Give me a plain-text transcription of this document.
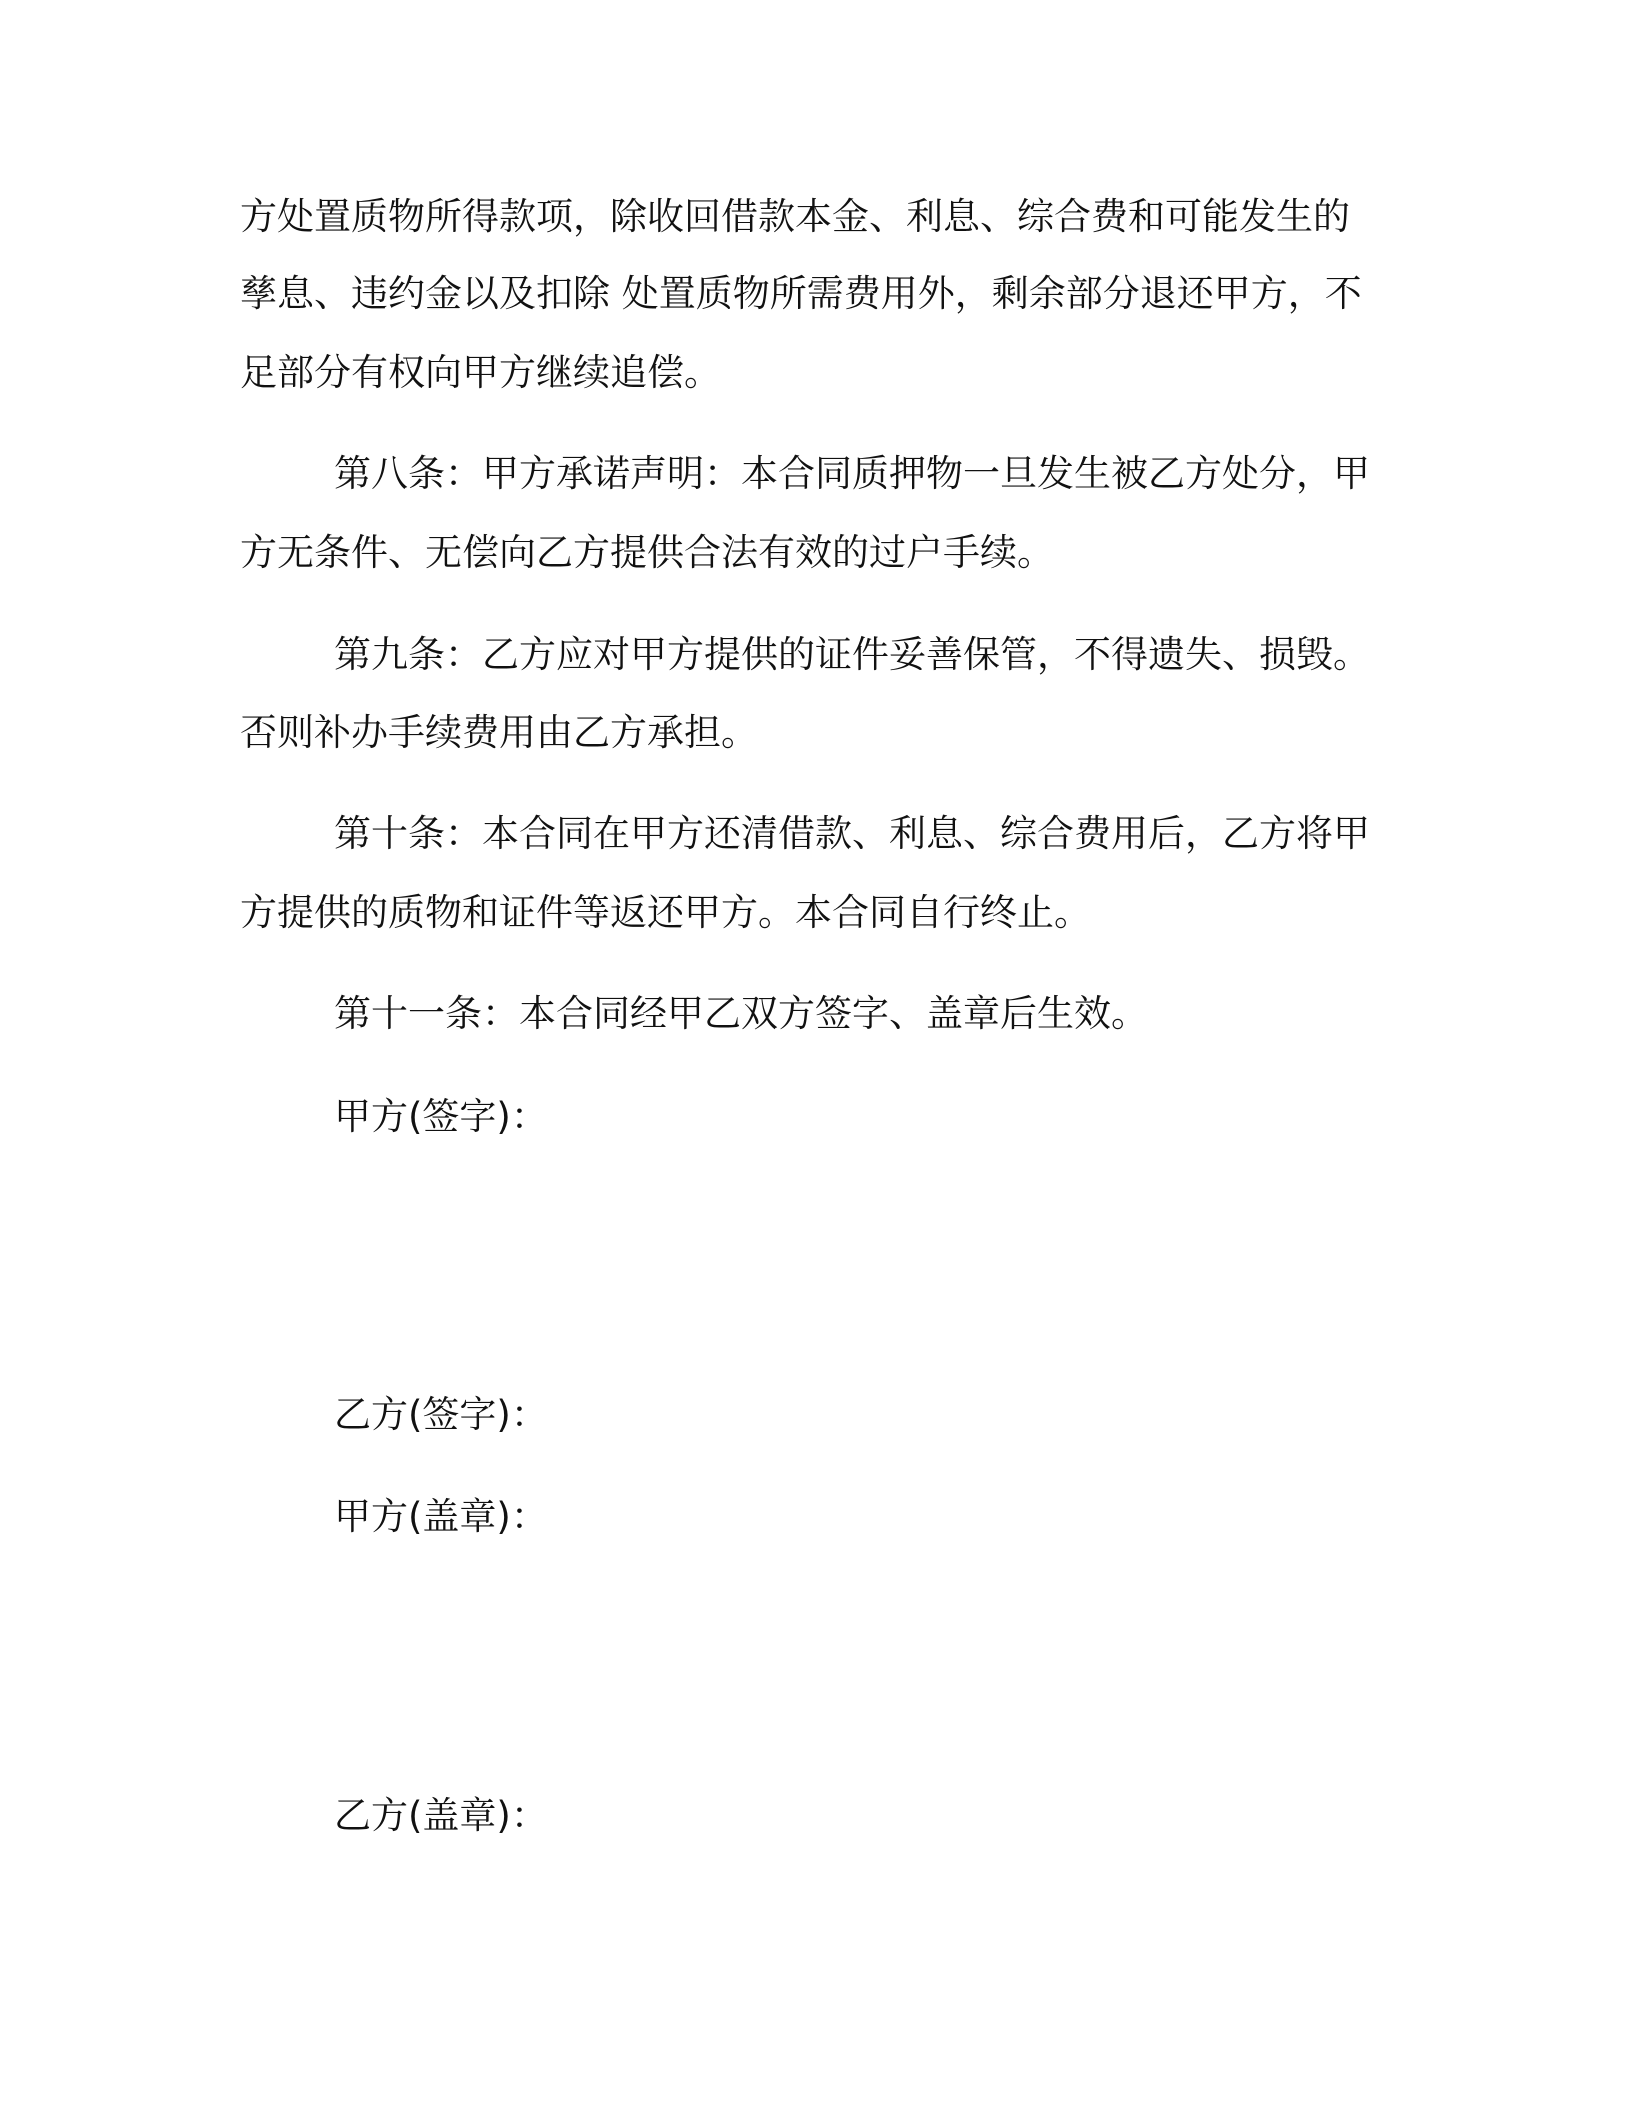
方处置质物所得款项，除收回借款本金、利息、综合费和可能发生的
孳息、违约金以及扣除 处置质物所需费用外，剩余部分退还甲方，不
足部分有权向甲方继续追偿。
第八条：甲方承诺声明：本合同质押物一旦发生被乙方处分，甲
方无条件、无偿向乙方提供合法有效的过户手续。
第九条：乙方应对甲方提供的证件妥善保管，不得遗失、损毁。
否则补办手续费用由乙方承担。
第十条：本合同在甲方还清借款、利息、综合费用后，乙方将甲
方提供的质物和证件等返还甲方。本合同自行终止。
第十一条：本合同经甲乙双方签字、盖章后生效。
甲方(签字)：
乙方(签字)：
甲方(盖章)：
乙方(盖章)：
